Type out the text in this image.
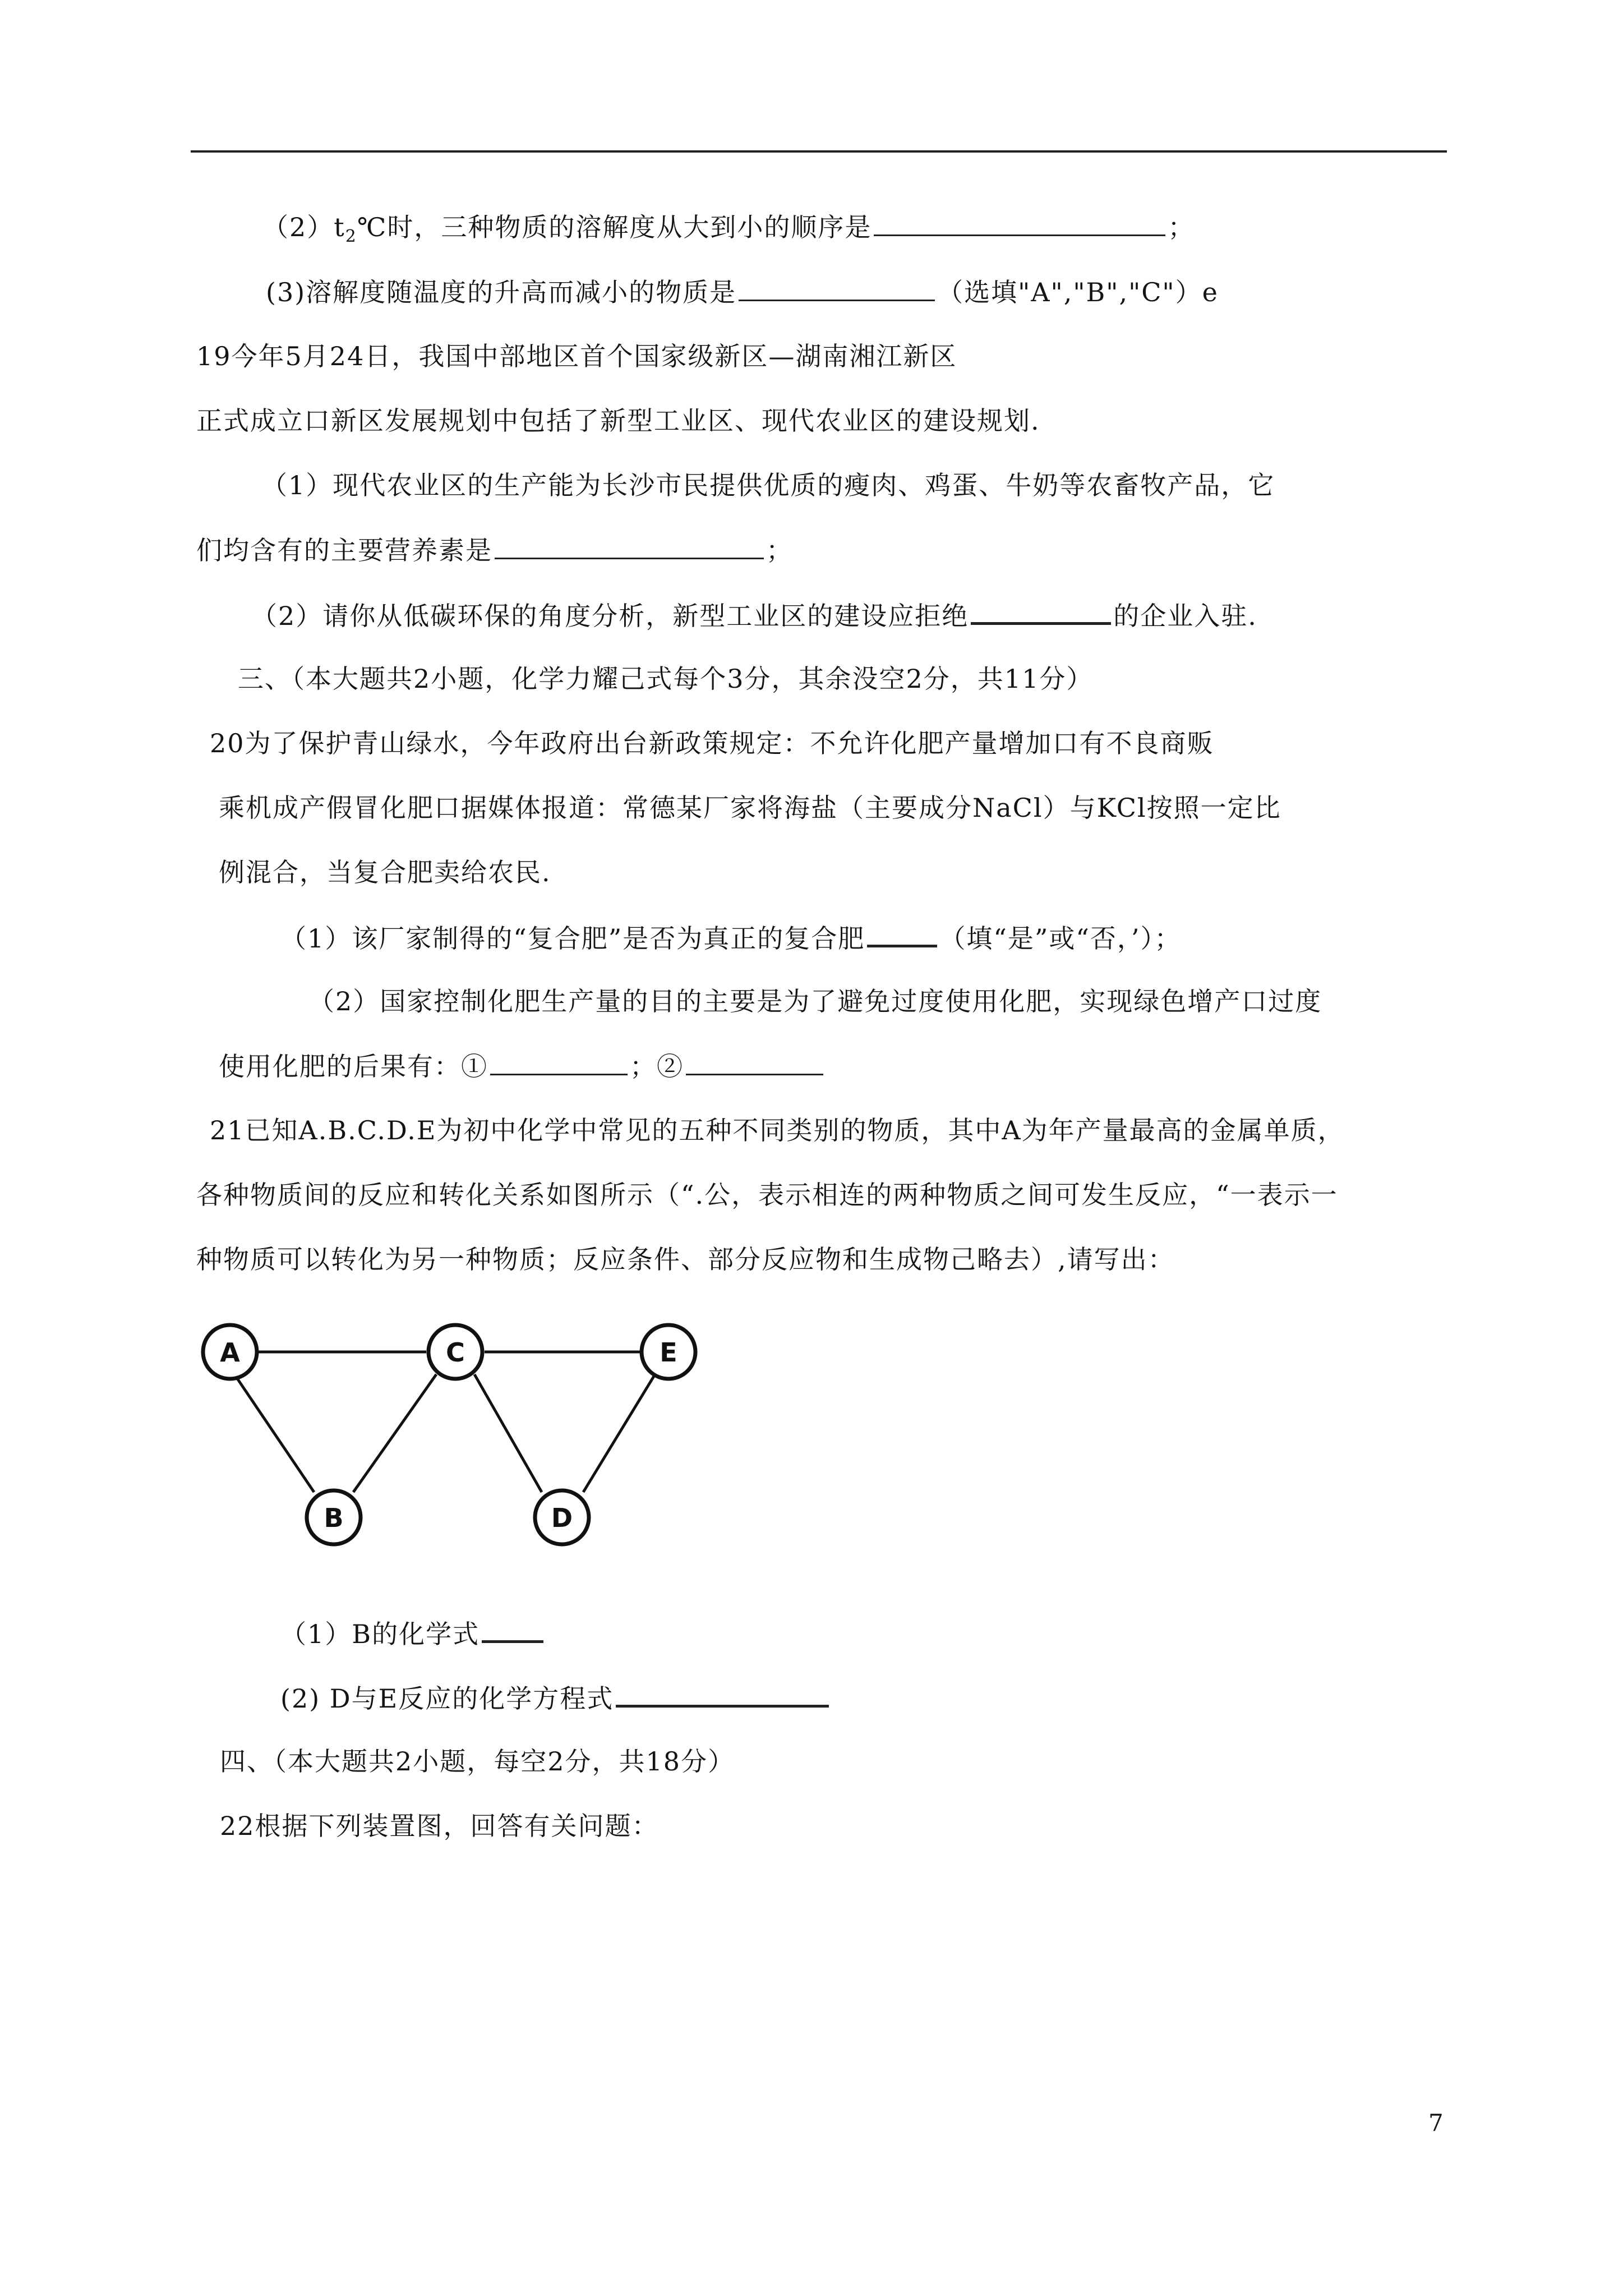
$(2)t_2℃$时，三种物质的溶解度从大到小的顺序是	；
(3)溶解度随温度的升高而减小的物质是	（选填"A","B","C"）e
19今年5月24日，我国中部地区首个国家级新区—湖南湘江新区
正式成立口新区发展规划中包括了新型工业区、现代农业区的建设规划.
（1）现代农业区的生产能为长沙市民提供优质的瘦肉、鸡蛋、牛奶等农畜牧产品，它
们均含有的主要营养素是	；
（2）请你从低碳环保的角度分析，新型工业区的建设应拒绝	的企业入驻.
三、（本大题共2小题，化学力耀己式每个3分，其余没空2分，共11分）
20为了保护青山绿水，今年政府出台新政策规定：不允许化肥产量增加口有不良商贩
乘机成产假冒化肥口据媒体报道：常德某厂家将海盐（主要成分NaCl）与KCl按照一定比
例混合，当复合肥卖给农民.
（1）该厂家制得的“复合肥”是否为真正的复合肥	（填“是”或“否，’）；
（2）国家控制化肥生产量的目的主要是为了避免过度使用化肥，实现绿色增产口过度
使用化肥的后果有：①	；②
21已知A.B.C.D.E为初中化学中常见的五种不同类别的物质，其中A为年产量最高的金属单质，
各种物质间的反应和转化关系如图所示（“.公，表示相连的两种物质之间可发生反应，“一表示一
种物质可以转化为另一种物质；反应条件、部分反应物和生成物己略去）,请写出：
A	C	E
B	D
（1）B的化学式
(2) D与E反应的化学方程式
四、（本大题共2小题，每空2分，共18分）
22根据下列装置图，回答有关问题：
7
